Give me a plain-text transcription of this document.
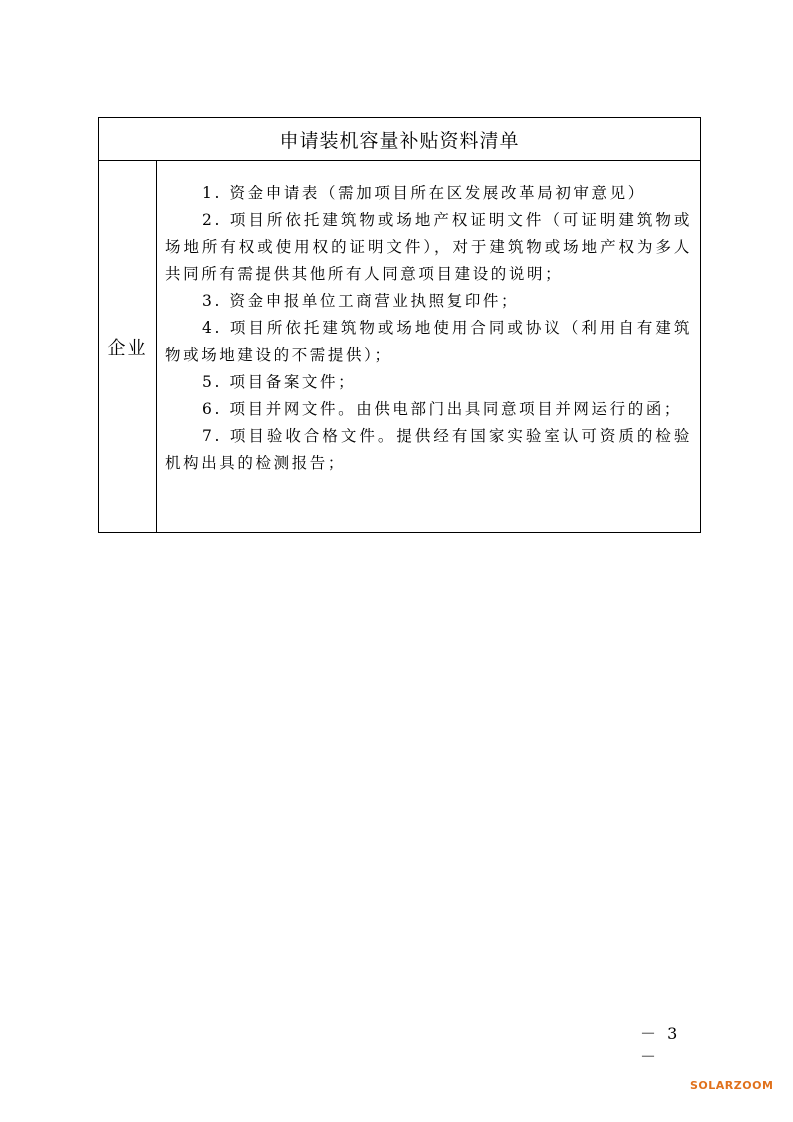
申请装机容量补贴资料清单
企业

1. 资金申请表（需加项目所在区发展改革局初审意见）

2. 项目所依托建筑物或场地产权证明文件（可证明建筑物或场地所有权或使用权的证明文件），对于建筑物或场地产权为多人共同所有需提供其他所有人同意项目建设的说明；

3. 资金申报单位工商营业执照复印件；

4. 项目所依托建筑物或场地使用合同或协议（利用自有建筑物或场地建设的不需提供）；

5. 项目备案文件；

6. 项目并网文件。由供电部门出具同意项目并网运行的函；

7. 项目验收合格文件。提供经有国家实验室认可资质的检验机构出具的检测报告；

－ 3 －
SOLARZOOM
